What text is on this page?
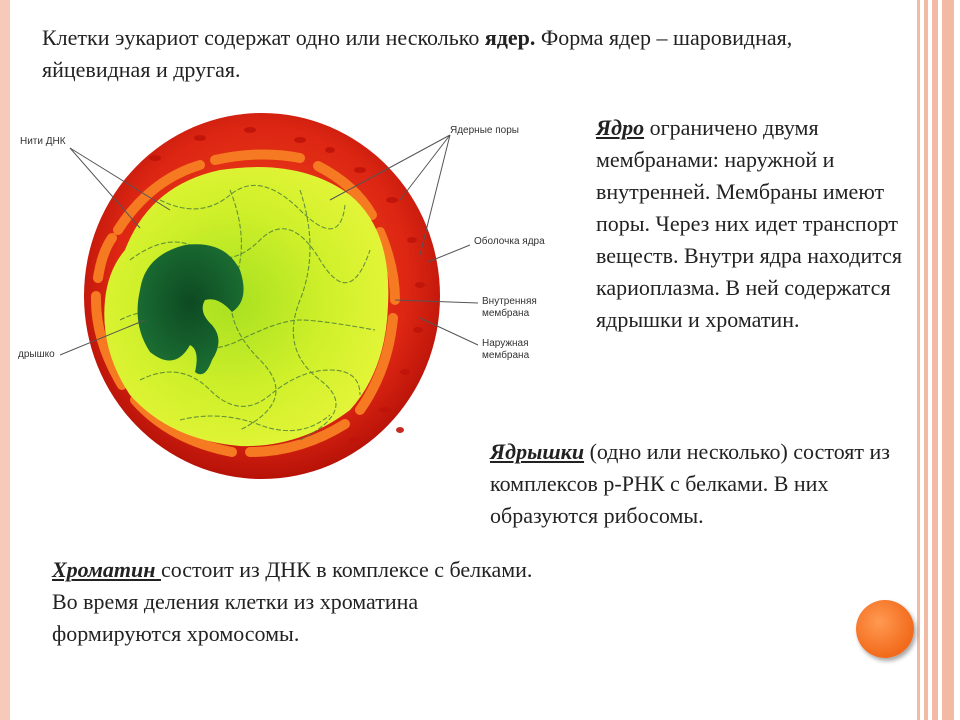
Клетки эукариот содержат одно или несколько ядер. Форма ядер – шаровидная, яйцевидная и другая.
Нити ДНК
Ядерные поры
Оболочка ядра
Внутренняя
мембрана
Наружная
мембрана
дрышко
Ядро ограничено двумя мембранами: наружной и внутренней. Мембраны имеют поры. Через них идет транспорт веществ. Внутри ядра находится кариоплазма. В ней содержатся ядрышки и хроматин.
Ядрышки (одно или несколько) состоят из комплексов р-РНК с белками. В них образуются рибосомы.
Хроматин состоит из ДНК в комплексе с белками. Во время деления клетки из хроматина формируются хромосомы.
